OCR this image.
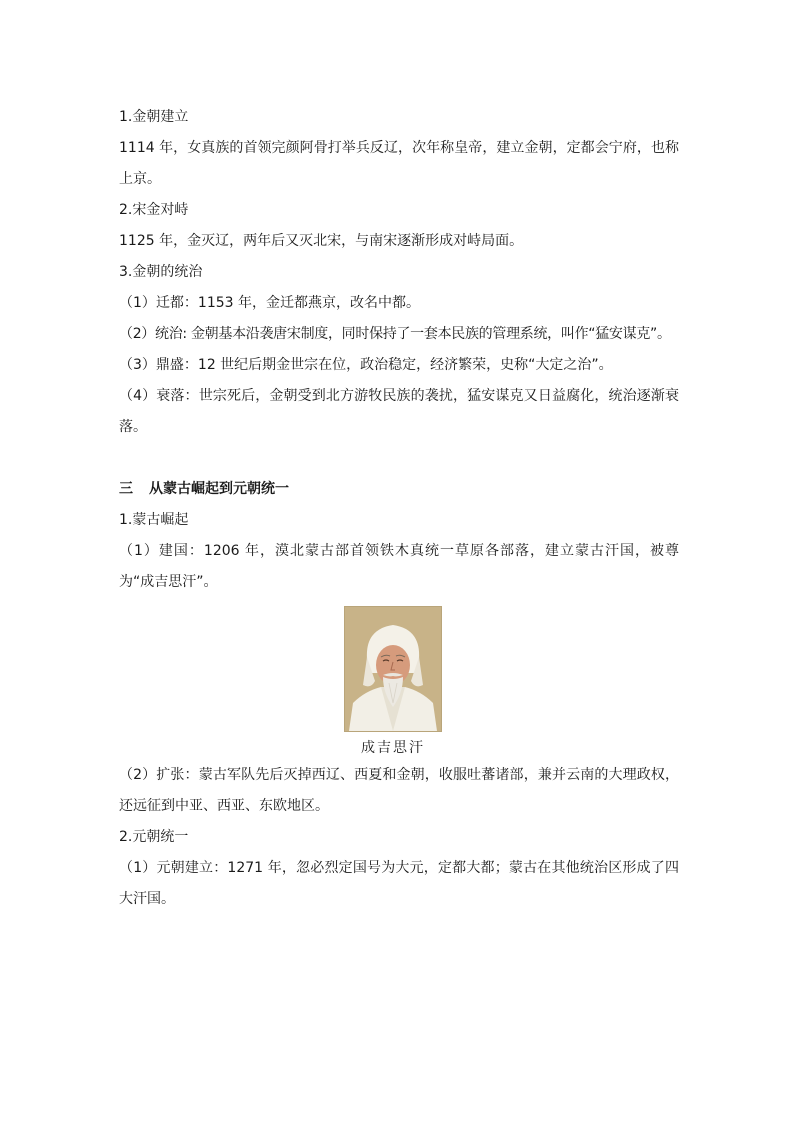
1.金朝建立

1114 年，女真族的首领完颜阿骨打举兵反辽，次年称皇帝，建立金朝，定都会宁府，也称上京。

2.宋金对峙

1125 年，金灭辽，两年后又灭北宋，与南宋逐渐形成对峙局面。

3.金朝的统治

（1）迁都：1153 年，金迁都燕京，改名中都。

（2）统治: 金朝基本沿袭唐宋制度，同时保持了一套本民族的管理系统，叫作“猛安谋克”。

（3）鼎盛：12 世纪后期金世宗在位，政治稳定，经济繁荣，史称“大定之治”。

（4）衰落：世宗死后，金朝受到北方游牧民族的袭扰，猛安谋克又日益腐化，统治逐渐衰落。

三 从蒙古崛起到元朝统一

1.蒙古崛起

（1）建国：1206 年，漠北蒙古部首领铁木真统一草原各部落，建立蒙古汗国，被尊为“成吉思汗”。

成吉思汗

（2）扩张：蒙古军队先后灭掉西辽、西夏和金朝，收服吐蕃诸部，兼并云南的大理政权，还远征到中亚、西亚、东欧地区。

2.元朝统一

（1）元朝建立：1271 年，忽必烈定国号为大元，定都大都；蒙古在其他统治区形成了四大汗国。
